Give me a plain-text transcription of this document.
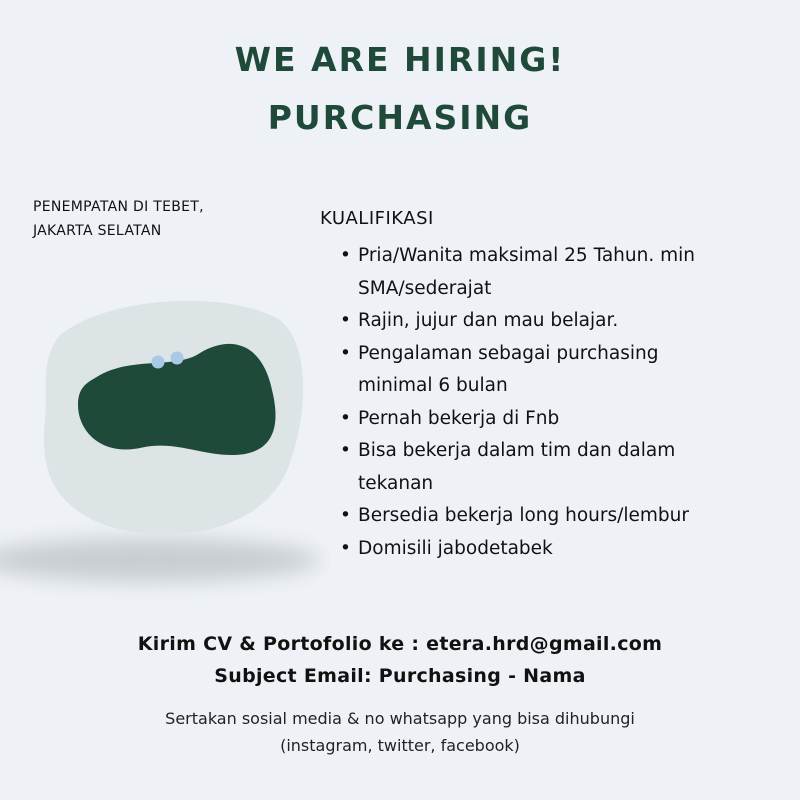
WE ARE HIRING!
PURCHASING
PENEMPATAN DI TEBET,
JAKARTA SELATAN
KUALIFIKASI
• Pria/Wanita maksimal 25 Tahun. min
SMA/sederajat
• Rajin, jujur dan mau belajar.
• Pengalaman sebagai purchasing
minimal 6 bulan
• Pernah bekerja di Fnb
• Bisa bekerja dalam tim dan dalam
tekanan
• Bersedia bekerja long hours/lembur
• Domisili jabodetabek
Kirim CV & Portofolio ke : etera.hrd@gmail.com
Subject Email: Purchasing - Nama
Sertakan sosial media & no whatsapp yang bisa dihubungi
(instagram, twitter, facebook)
